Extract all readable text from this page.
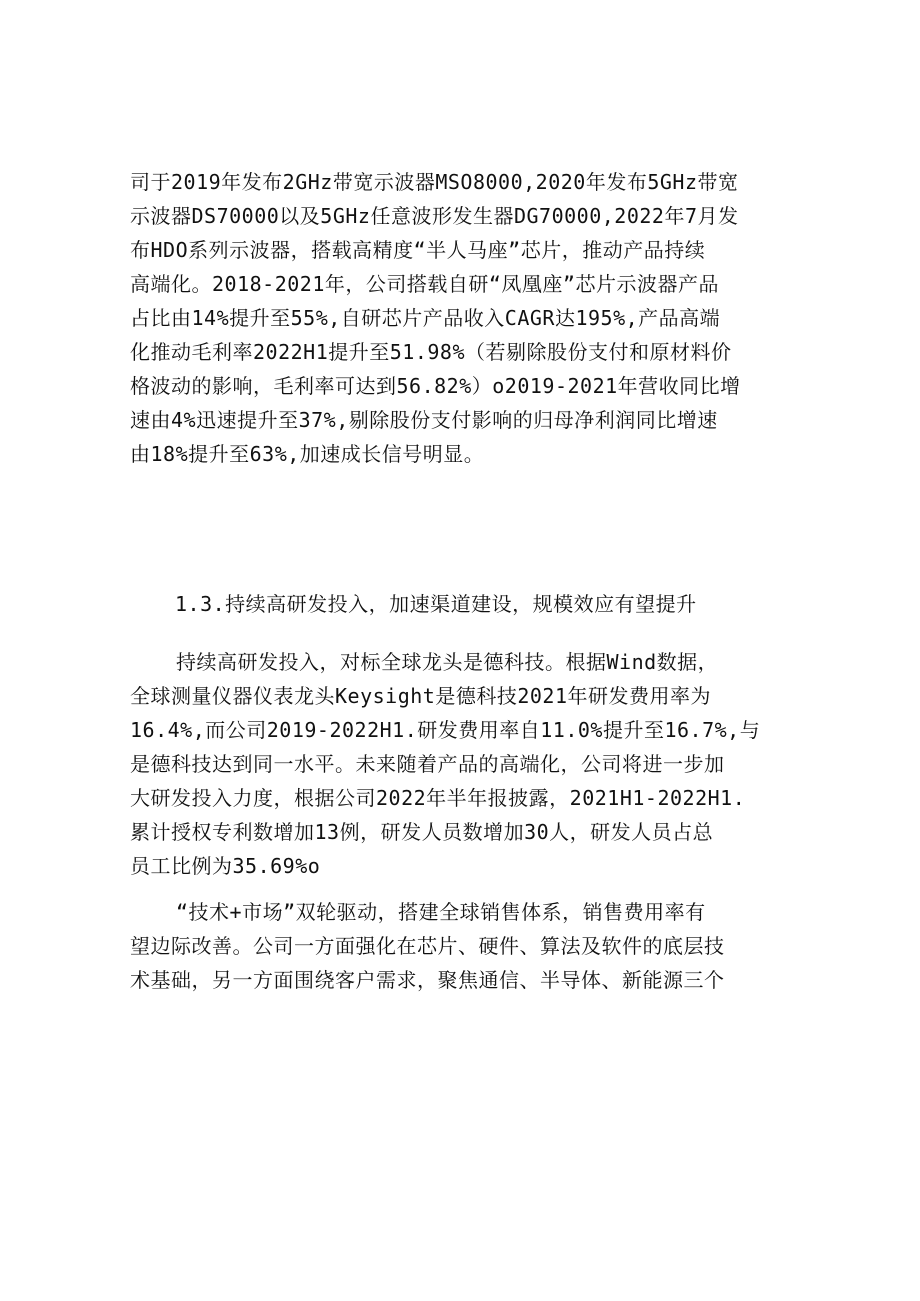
司于2019年发布2GHz带宽示波器MSO8000,2020年发布5GHz带宽
示波器DS70000以及5GHz任意波形发生器DG70000,2022年7月发
布HDO系列示波器，搭载高精度“半人马座”芯片，推动产品持续
高端化。2018-2021年，公司搭载自研“凤凰座”芯片示波器产品
占比由14%提升至55%,自研芯片产品收入CAGR达195%,产品高端
化推动毛利率2022H1提升至51.98%（若剔除股份支付和原材料价
格波动的影响，毛利率可达到56.82%）o2019-2021年营收同比增
速由4%迅速提升至37%,剔除股份支付影响的归母净利润同比增速
由18%提升至63%,加速成长信号明显。
1.3.持续高研发投入，加速渠道建设，规模效应有望提升
持续高研发投入，对标全球龙头是德科技。根据Wind数据，
全球测量仪器仪表龙头Keysight是德科技2021年研发费用率为
16.4%,而公司2019-2022H1.研发费用率自11.0%提升至16.7%,与
是德科技达到同一水平。未来随着产品的高端化，公司将进一步加
大研发投入力度，根据公司2022年半年报披露，2021H1-2022H1.
累计授权专利数增加13例，研发人员数增加30人，研发人员占总
员工比例为35.69%o
“技术+市场”双轮驱动，搭建全球销售体系，销售费用率有
望边际改善。公司一方面强化在芯片、硬件、算法及软件的底层技
术基础，另一方面围绕客户需求，聚焦通信、半导体、新能源三个
